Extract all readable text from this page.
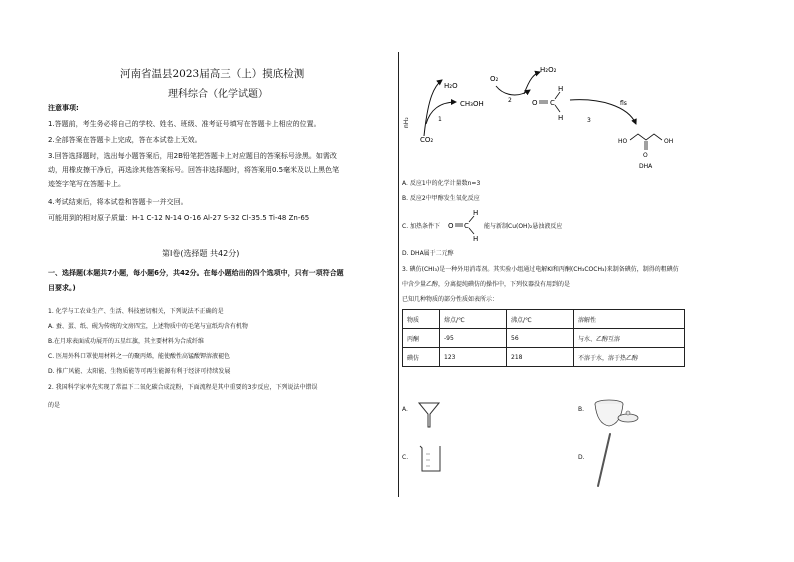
河南省温县2023届高三（上）摸底检测
理科综合（化学试题）
注意事项:
1.答题前，考生务必将自己的学校、姓名、班级、准考证号填写在答题卡上相应的位置。
2.全部答案在答题卡上完成，答在本试卷上无效。
3.回答选择题时，选出每小题答案后，用2B铅笔把答题卡上对应题目的答案标号涂黑。如需改
动，用橡皮擦干净后，再选涂其他答案标号。回答非选择题时，将答案用0.5毫米及以上黑色笔
迹签字笔写在答题卡上。
4.考试结束后，将本试卷和答题卡一并交回。
可能用到的相对原子质量：H-1 C-12 N-14 O-16 Al-27 S-32 Cl-35.5 Ti-48 Zn-65
第Ⅰ卷(选择题 共42分)
一、选择题(本题共7小题，每小题6分，共42分。在每小题给出的四个选项中，只有一项符合题
目要求。)
1. 化学与工农业生产、生活、科技密切相关，下列说法不正确的是
A. 蚕、蛋、纸、砚为传统的文房四宝，上述物质中的毛笔与宣纸均含有机物
B.在月球表面成功展开的五星红旗，其主要材料为合成纤维
C. 医用外科口罩使用材料之一的聚丙烯，能使酸性高锰酸钾溶液褪色
D. 推广风能、太阳能、生物质能等可再生能源有利于经济可持续发展
2. 我国科学家率先实现了常温下二氧化碳合成淀粉，下面流程是其中重要的3步反应，下列说法中错误
的是
nH₂
H₂O
1
CO₂
CH₃OH
O₂
2
H₂O₂
O C
H
H	3
fls
HO
O
OH
DHA
A. 反应1中的化学计量数n=3
B. 反应2中甲醇发生氧化反应
C. 加热条件下 O C
H
H
能与新制Cu(OH)₂悬浊液反应
D. DHA属于二元醇
3. 碘仿(CHI₃)是一种外用消毒剂。其实验小组通过电解KI和丙酮(CH₃COCH₃)来制备碘仿，制得的粗碘仿
中含少量乙醇，分离提纯碘仿的操作中，下列仪器没有用到的是
已知几种物质的部分性质如表所示：
物质	熔点/℃	沸点/℃	溶解性
丙酮	-95	56	与水、乙醇互溶
碘仿	123	218	不溶于水，溶于热乙醇
A.	B.
C.	D.
